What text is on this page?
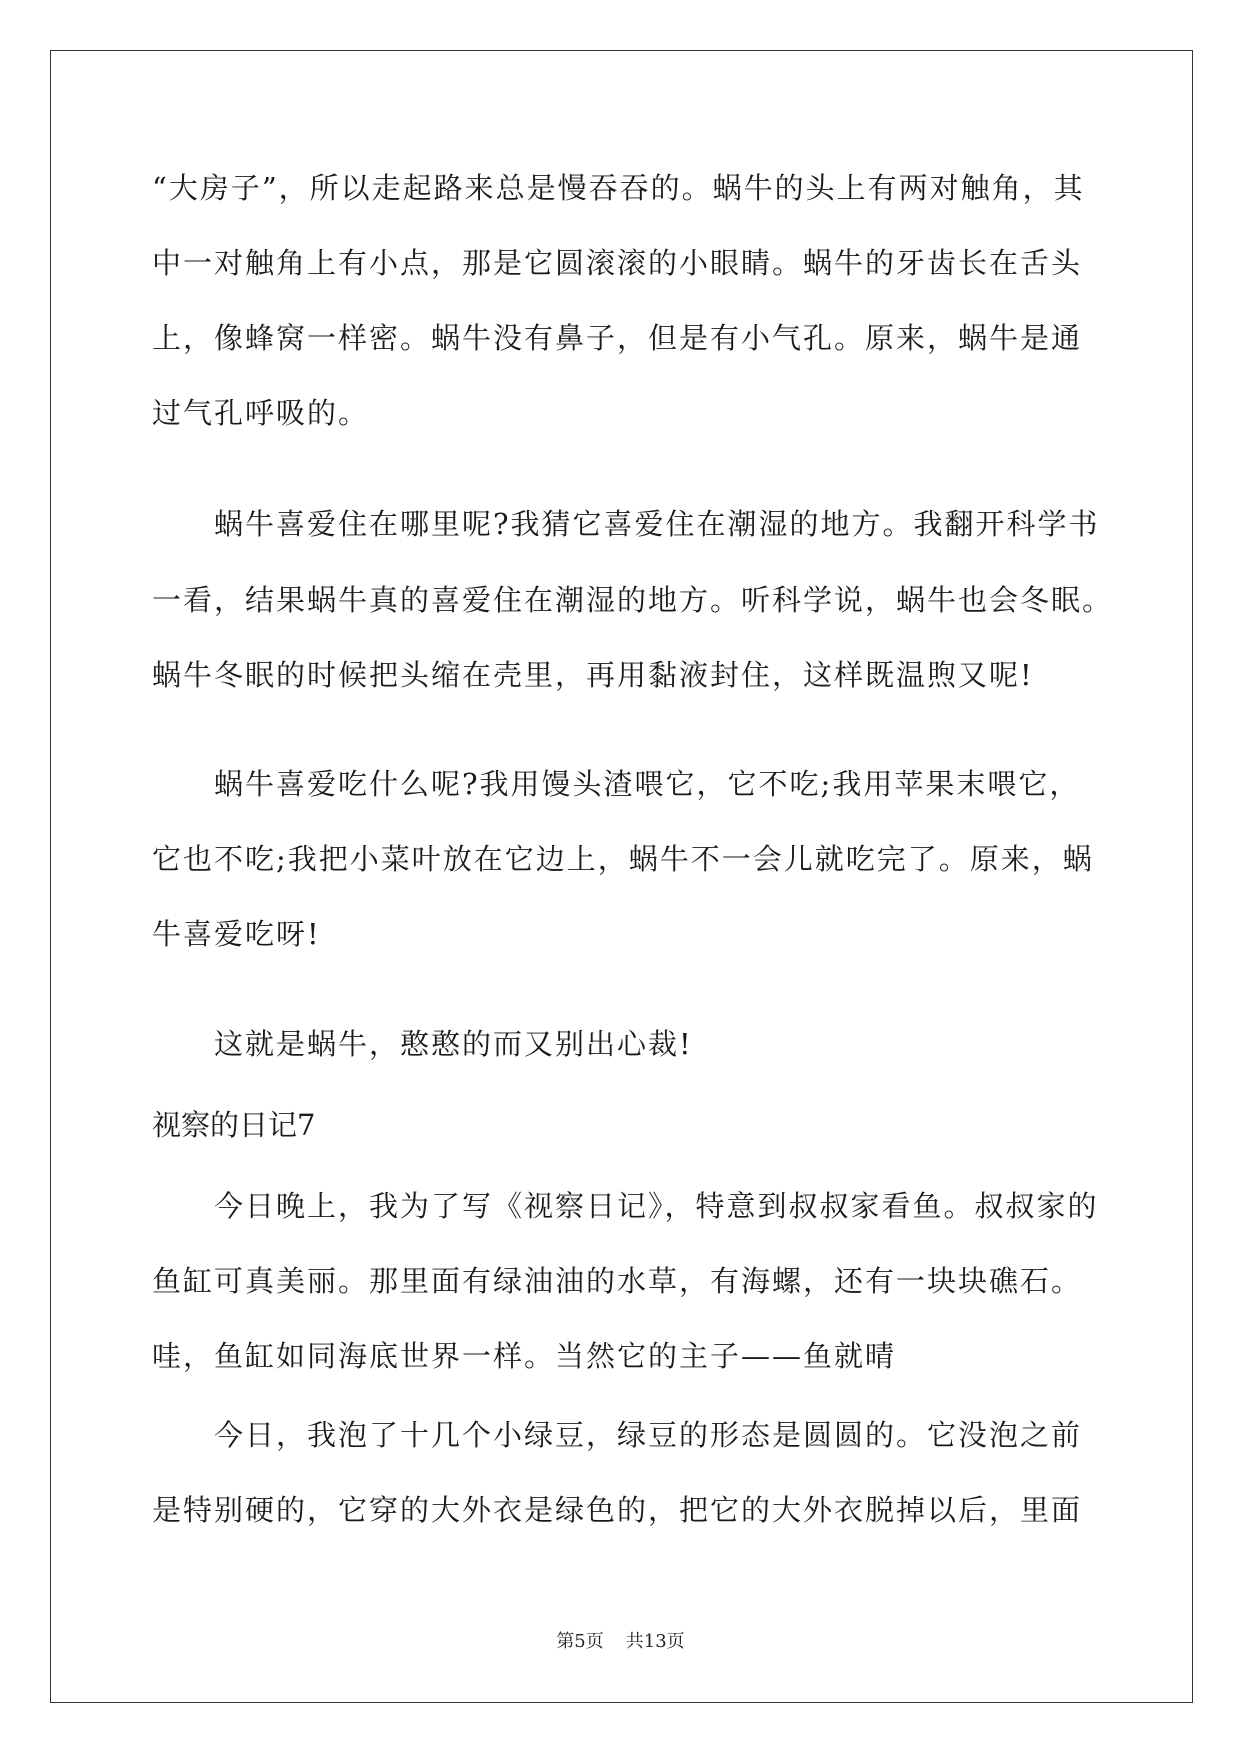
“大房子”，所以走起路来总是慢吞吞的。蜗牛的头上有两对触角，其
中一对触角上有小点，那是它圆滚滚的小眼睛。蜗牛的牙齿长在舌头
上，像蜂窝一样密。蜗牛没有鼻子，但是有小气孔。原来，蜗牛是通
过气孔呼吸的。
蜗牛喜爱住在哪里呢?我猜它喜爱住在潮湿的地方。我翻开科学书
一看，结果蜗牛真的喜爱住在潮湿的地方。听科学说，蜗牛也会冬眠。
蜗牛冬眠的时候把头缩在壳里，再用黏液封住，这样既温煦又呢!
蜗牛喜爱吃什么呢?我用馒头渣喂它，它不吃;我用苹果末喂它，
它也不吃;我把小菜叶放在它边上，蜗牛不一会儿就吃完了。原来，蜗
牛喜爱吃呀!
这就是蜗牛，憨憨的而又别出心裁!
视察的日记7
今日晚上，我为了写《视察日记》，特意到叔叔家看鱼。叔叔家的
鱼缸可真美丽。那里面有绿油油的水草，有海螺，还有一块块礁石。
哇，鱼缸如同海底世界一样。当然它的主子——鱼就晴
今日，我泡了十几个小绿豆，绿豆的形态是圆圆的。它没泡之前
是特别硬的，它穿的大外衣是绿色的，把它的大外衣脱掉以后，里面
第5页 共13页
